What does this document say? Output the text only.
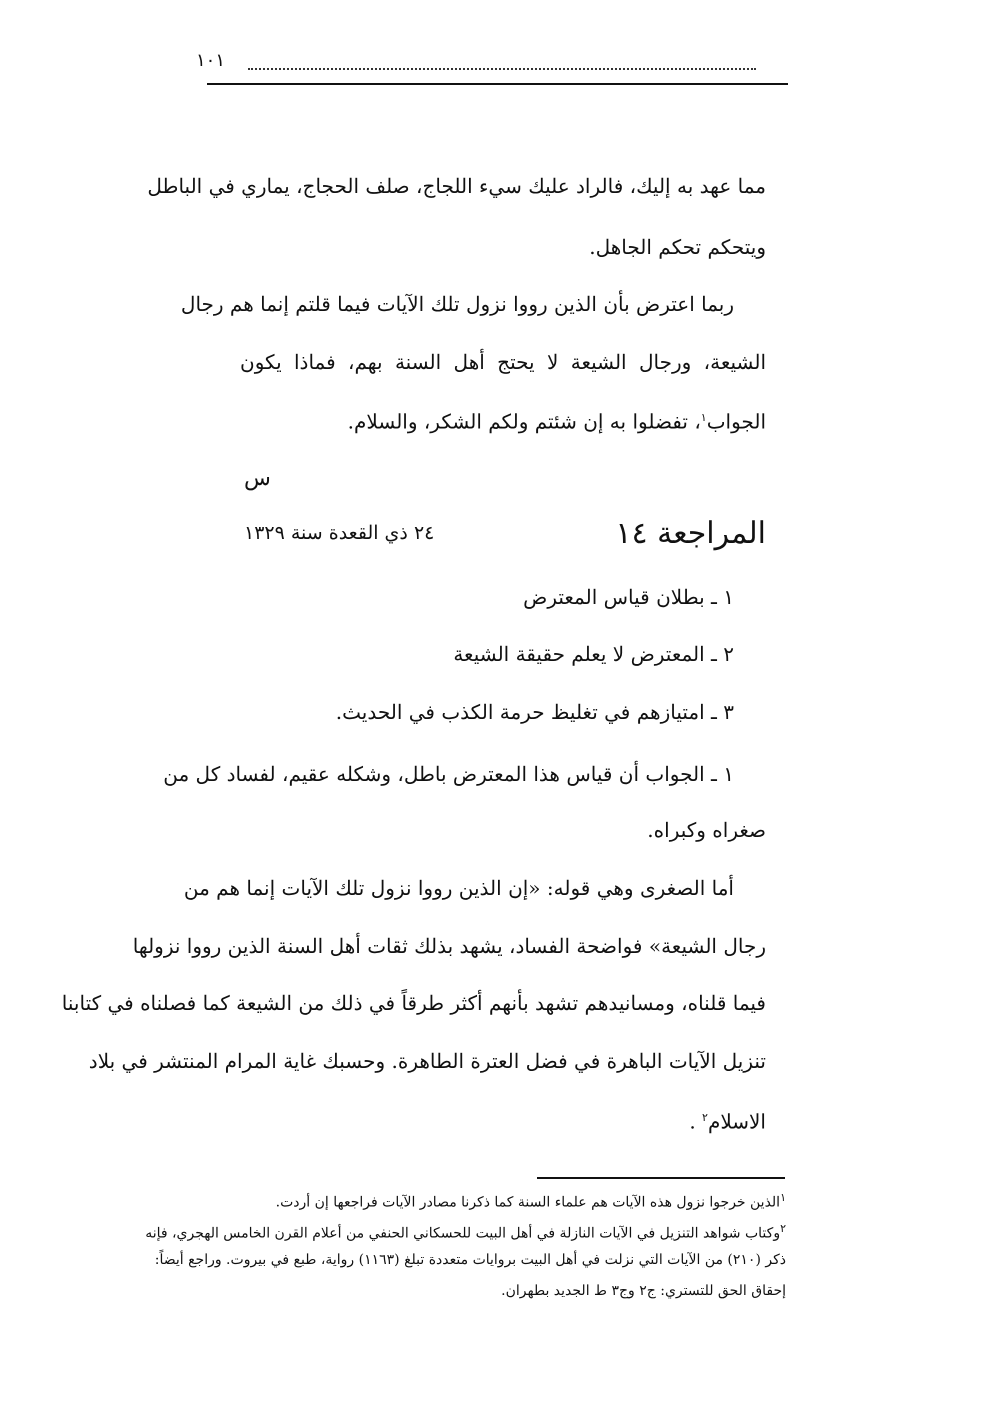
١٠١
مما عهد به إليك، فالراد عليك سيء اللجاج، صلف الحجاج، يماري في الباطل
ويتحكم تحكم الجاهل.
ربما اعترض بأن الذين رووا نزول تلك الآيات فيما قلتم إنما هم رجال
الشيعة، ورجال الشيعة لا يحتج أهل السنة بهم، فماذا يكون
الجواب$^١$، تفضلوا به إن شئتم ولكم الشكر، والسلام.
س
المراجعة ١٤
٢٤ ذي القعدة سنة ١٣٢٩
١ ـ بطلان قياس المعترض
٢ ـ المعترض لا يعلم حقيقة الشيعة
٣ ـ امتيازهم في تغليظ حرمة الكذب في الحديث.
١ ـ الجواب أن قياس هذا المعترض باطل، وشكله عقيم، لفساد كل من
صغراه وكبراه.
أما الصغرى وهي قوله: «إن الذين رووا نزول تلك الآيات إنما هم من
رجال الشيعة» فواضحة الفساد، يشهد بذلك ثقات أهل السنة الذين رووا نزولها
فيما قلناه، ومسانيدهم تشهد بأنهم أكثر طرقاً في ذلك من الشيعة كما فصلناه في كتابنا
تنزيل الآيات الباهرة في فضل العترة الطاهرة. وحسبك غاية المرام المنتشر في بلاد
الاسلام$^٢$ .
$^١$الذين خرجوا نزول هذه الآيات هم علماء السنة كما ذكرنا مصادر الآيات فراجعها إن أردت.
$^٢$وكتاب شواهد التنزيل في الآيات النازلة في أهل البيت للحسكاني الحنفي من أعلام القرن الخامس الهجري، فإنه
ذكر (٢١٠) من الآيات التي نزلت في أهل البيت بروايات متعددة تبلغ (١١٦٣) رواية، طبع في بيروت. وراجع أيضاً:
إحقاق الحق للتستري: ج٢ وج٣ ط الجديد بطهران.
